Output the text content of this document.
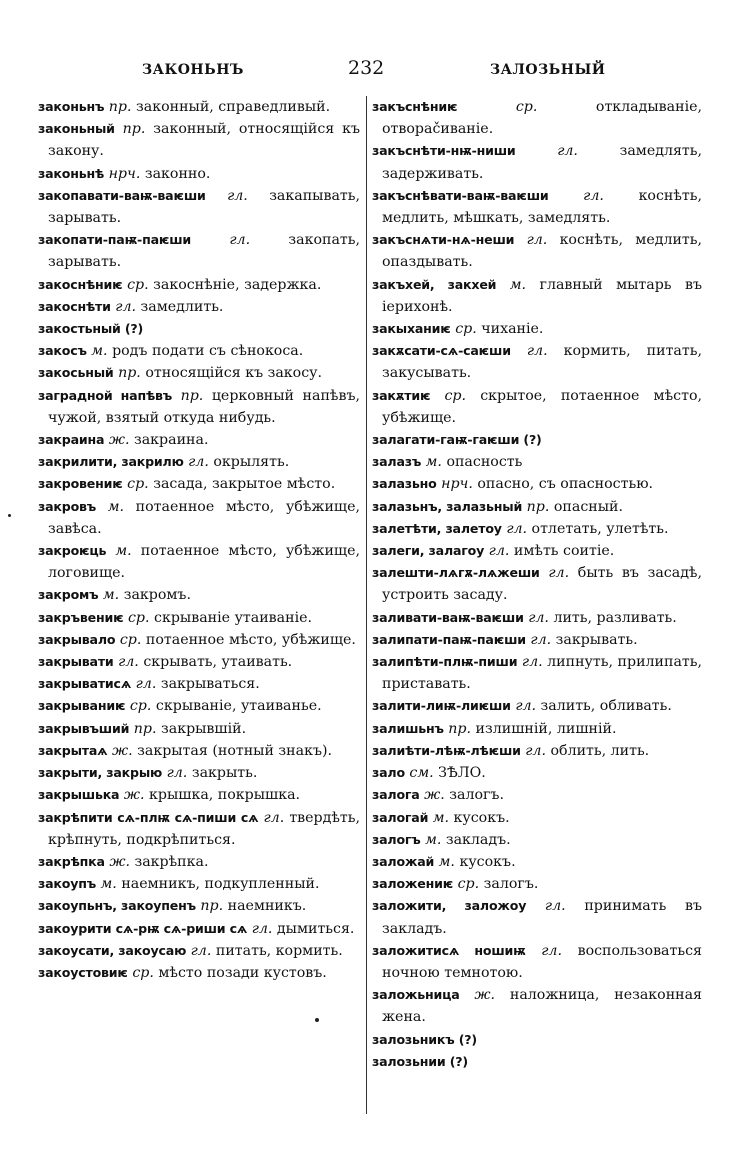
ЗАКОНЬНЪ	232	ЗАЛОЗЬНЫЙ
законьнъ пр. законный, справедливый.
законьный пр. законный, относящійся къ закону.
законьнѣ нрч. законно.
закопавати-ваѭ-ваѥши гл. закапывать, зарывать.
закопати-паѭ-паѥши	гл.	закопать, зарывать.
закоснѣниѥ ср. закоснѣніе, задержка.
закоснѣти гл. замедлить.
закостьный (?)
закосъ м. родъ подати съ сѣнокоса.
закосьный пр. относящійся къ закосу.
заградной напѣвъ пр. церковный напѣвъ, чужой, взятый откуда нибудь.
закраина ж. закраина.
закрилити, закрилю гл. окрылять.
закровениѥ ср. засада, закрытое мѣсто.
закровъ м. потаенное мѣсто, убѣжище, завѣса.
закроѥць м. потаенное мѣсто, убѣжище, логовище.
закромъ м. закромъ.
закръвениѥ ср. скрываніе утаиваніе.
закрывало ср. потаенное мѣсто, убѣжище.
закрывати гл. скрывать, утаивать.
закрыватисѧ гл. закрываться.
закрываниѥ ср. скрываніе, утаиванье.
закрывъший пр. закрывшій.
закрытаѧ ж. закрытая (нотный знакъ).
закрыти, закрыю гл. закрыть.
закрышька ж. крышка, покрышка.
закрѣпити сѧ-плѭ сѧ-пиши сѧ гл. твердѣть, крѣпнуть, подкрѣпиться.
закрѣпка ж. закрѣпка.
закоупъ м. наемникъ, подкупленный.
закоупьнъ, закоупенъ пр. наемникъ.
закоурити сѧ-рѭ сѧ-риши сѧ гл. дымиться.
закоусати, закоусаю гл. питать, кормить.
закоустовиѥ ср. мѣсто позади кустовъ.
закъснѣниѥ	ср.	откладываніе, отвораčиваніе.
закъснѣти-нѭ-ниши	гл.	замедлять, задерживать.
закъснѣвати-ваѭ-ваѥши гл. коснѣть, медлить, мѣшкать, замедлять.
закъснѧти-нѧ-неши гл. коснѣть, медлить, опаздывать.
закъхей, закхей м. главный мытарь въ іерихонѣ.
закыханиѥ ср. чиханіе.
закѫсати-сѧ-саѥши гл. кормить, питать, закусывать.
закѫтиѥ ср. скрытое, потаенное мѣсто, убѣжище.
залагати-гаѭ-гаѥши (?)
залазъ м. опасность
залазьно нрч. опасно, съ опасностью.
залазьнъ, залазьный пр. опасный.
залетѣти, залетоу гл. отлетать, улетѣть.
залеги, залагоу гл. имѣть соитіе.
залешти-лѧгѫ-лѧжеши гл. быть въ засадѣ, устроить засаду.
заливати-ваѭ-ваѥши гл. лить, разливать.
залипати-паѭ-паѥши гл. закрывать.
залипѣти-плѭ-пиши гл. липнуть, прилипать, приставать.
залити-лиѭ-лиѥши гл. залить, обливать.
залишьнъ пр. излишній, лишній.
залиѣти-лѣѭ-лѣѥши гл. облить, лить.
зало см. ЗѢЛО.
залога ж. залогъ.
залогай м. кусокъ.
залогъ м. закладъ.
заложай м. кусокъ.
заложениѥ ср. залогъ.
заложити, заложоу гл. принимать въ закладъ.
заложитисѧ ношиѭ гл. воспользоваться ночною темнотою.
заложьница ж. наложница, незаконная жена.
залозьникъ (?)
залозьнии (?)
